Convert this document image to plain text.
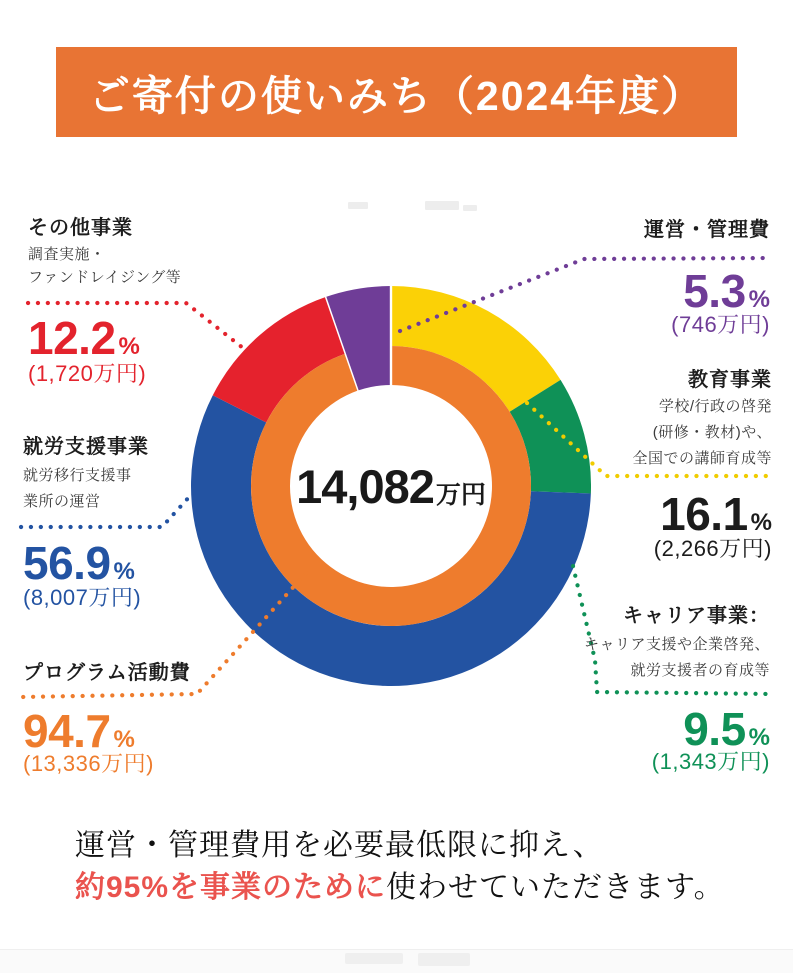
ご寄付の使いみち（2024年度）
14,082 万円
その他事業
調査実施・
ファンドレイジング等
12.2 %
(1,720万円)
運営・管理費
5.3 %
(746万円)
教育事業
学校/行政の啓発
(研修・教材)や、
全国での講師育成等
16.1 %
(2,266万円)
就労支援事業
就労移行支援事
業所の運営
56.9 %
(8,007万円)
プログラム活動費
94.7 %
(13,336万円)
キャリア事業：
キャリア支援や企業啓発、
就労支援者の育成等
9.5 %
(1,343万円)
運営・管理費用を必要最低限に抑え、
約95%を事業のために使わせていただきます。
